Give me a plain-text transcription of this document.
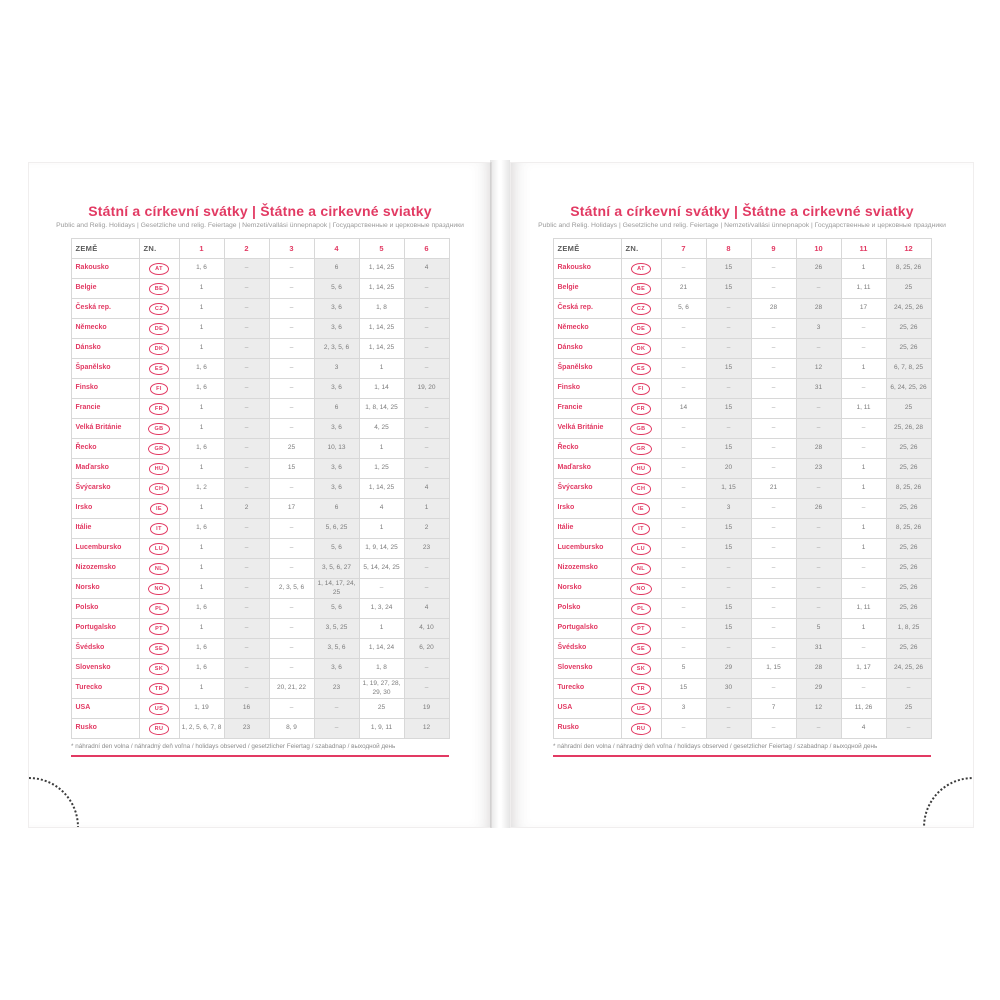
Státní a církevní svátky | Štátne a cirkevné sviatky
Public and Relig. Holidays | Gesetzliche und relig. Feiertage | Nemzeti/vallási ünnepnapok | Государственные и церковные праздники
ZEMĚ	ZN.	1	2	3	4	5	6
Rakousko	AT	1, 6	–	–	6	1, 14, 25	4
Belgie	BE	1	–	–	5, 6	1, 14, 25	–
Česká rep.	CZ	1	–	–	3, 6	1, 8	–
Německo	DE	1	–	–	3, 6	1, 14, 25	–
Dánsko	DK	1	–	–	2, 3, 5, 6	1, 14, 25	–
Španělsko	ES	1, 6	–	–	3	1	–
Finsko	FI	1, 6	–	–	3, 6	1, 14	19, 20
Francie	FR	1	–	–	6	1, 8, 14, 25	–
Velká Británie	GB	1	–	–	3, 6	4, 25	–
Řecko	GR	1, 6	–	25	10, 13	1	–
Maďarsko	HU	1	–	15	3, 6	1, 25	–
Švýcarsko	CH	1, 2	–	–	3, 6	1, 14, 25	4
Irsko	IE	1	2	17	6	4	1
Itálie	IT	1, 6	–	–	5, 6, 25	1	2
Lucembursko	LU	1	–	–	5, 6	1, 9, 14, 25	23
Nizozemsko	NL	1	–	–	3, 5, 6, 27	5, 14, 24, 25	–
Norsko	NO	1	–	2, 3, 5, 6	1, 14, 17, 24, 25	–	–
Polsko	PL	1, 6	–	–	5, 6	1, 3, 24	4
Portugalsko	PT	1	–	–	3, 5, 25	1	4, 10
Švédsko	SE	1, 6	–	–	3, 5, 6	1, 14, 24	6, 20
Slovensko	SK	1, 6	–	–	3, 6	1, 8	–
Turecko	TR	1	–	20, 21, 22	23	1, 19, 27, 28, 29, 30	–
USA	US	1, 19	16	–	–	25	19
Rusko	RU	1, 2, 5, 6, 7, 8	23	8, 9	–	1, 9, 11	12
* náhradní den volna / náhradný deň voľna / holidays observed / gesetzlicher Feiertag / szabadnap / выходной день
Státní a církevní svátky | Štátne a cirkevné sviatky
Public and Relig. Holidays | Gesetzliche und relig. Feiertage | Nemzeti/vallási ünnepnapok | Государственные и церковные праздники
ZEMĚ	ZN.	7	8	9	10	11	12
Rakousko	AT	–	15	–	26	1	8, 25, 26
Belgie	BE	21	15	–	–	1, 11	25
Česká rep.	CZ	5, 6	–	28	28	17	24, 25, 26
Německo	DE	–	–	–	3	–	25, 26
Dánsko	DK	–	–	–	–	–	25, 26
Španělsko	ES	–	15	–	12	1	6, 7, 8, 25
Finsko	FI	–	–	–	31	–	6, 24, 25, 26
Francie	FR	14	15	–	–	1, 11	25
Velká Británie	GB	–	–	–	–	–	25, 26, 28
Řecko	GR	–	15	–	28	–	25, 26
Maďarsko	HU	–	20	–	23	1	25, 26
Švýcarsko	CH	–	1, 15	21	–	1	8, 25, 26
Irsko	IE	–	3	–	26	–	25, 26
Itálie	IT	–	15	–	–	1	8, 25, 26
Lucembursko	LU	–	15	–	–	1	25, 26
Nizozemsko	NL	–	–	–	–	–	25, 26
Norsko	NO	–	–	–	–	–	25, 26
Polsko	PL	–	15	–	–	1, 11	25, 26
Portugalsko	PT	–	15	–	5	1	1, 8, 25
Švédsko	SE	–	–	–	31	–	25, 26
Slovensko	SK	5	29	1, 15	28	1, 17	24, 25, 26
Turecko	TR	15	30	–	29	–	–
USA	US	3	–	7	12	11, 26	25
Rusko	RU	–	–	–	–	4	–
* náhradní den volna / náhradný deň voľna / holidays observed / gesetzlicher Feiertag / szabadnap / выходной день
